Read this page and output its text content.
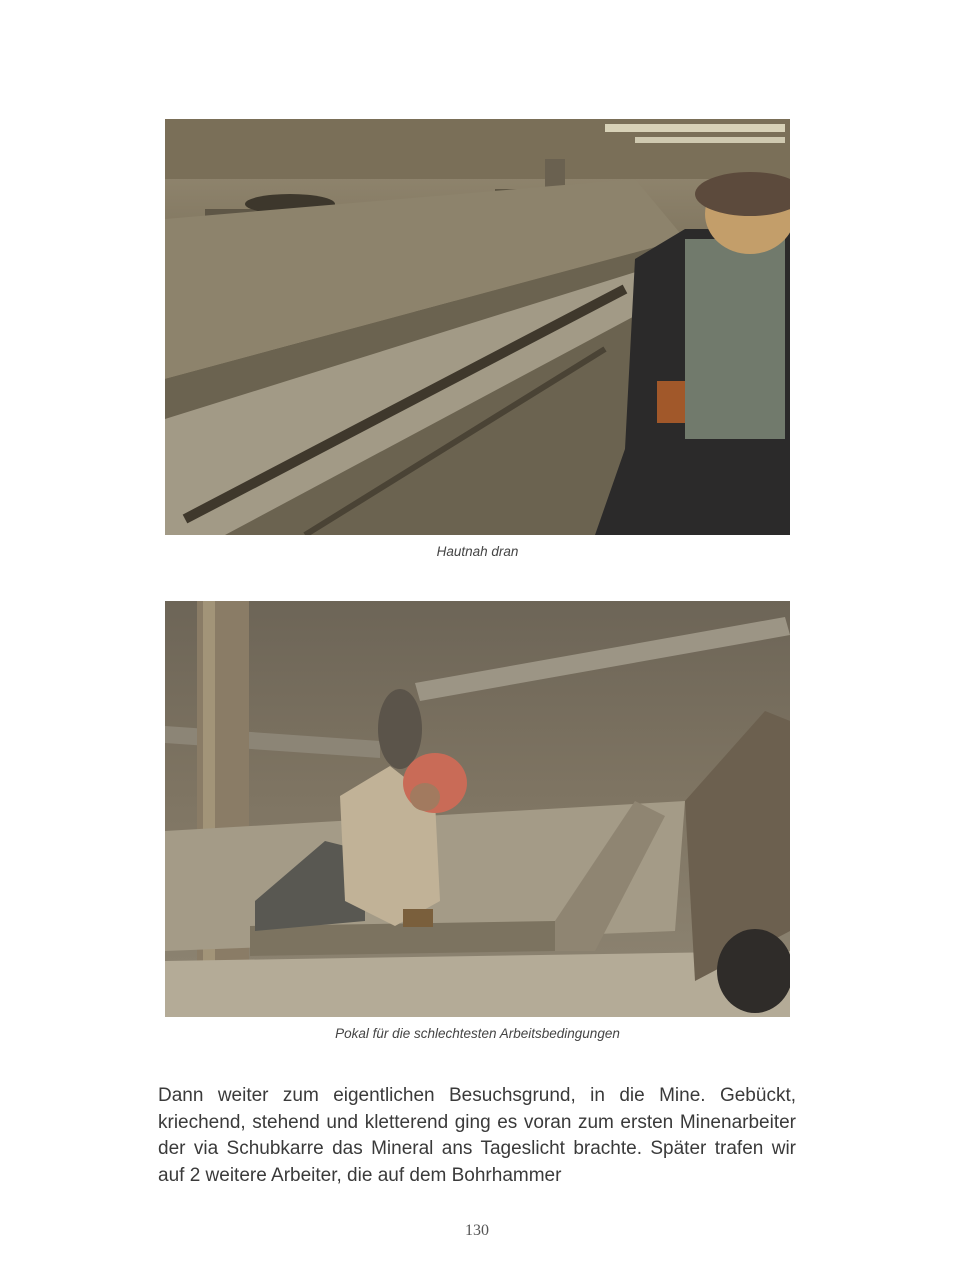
Hautnah dran
Pokal für die schlechtesten Arbeitsbedingungen

Dann weiter zum eigentlichen Besuchsgrund, in die Mine. Gebückt, kriechend, stehend und kletterend ging es voran zum ersten Minenarbeiter der via Schubkarre das Mineral ans Tageslicht brachte. Später trafen wir auf 2 weitere Arbeiter, die auf dem Bohrhammer

130
